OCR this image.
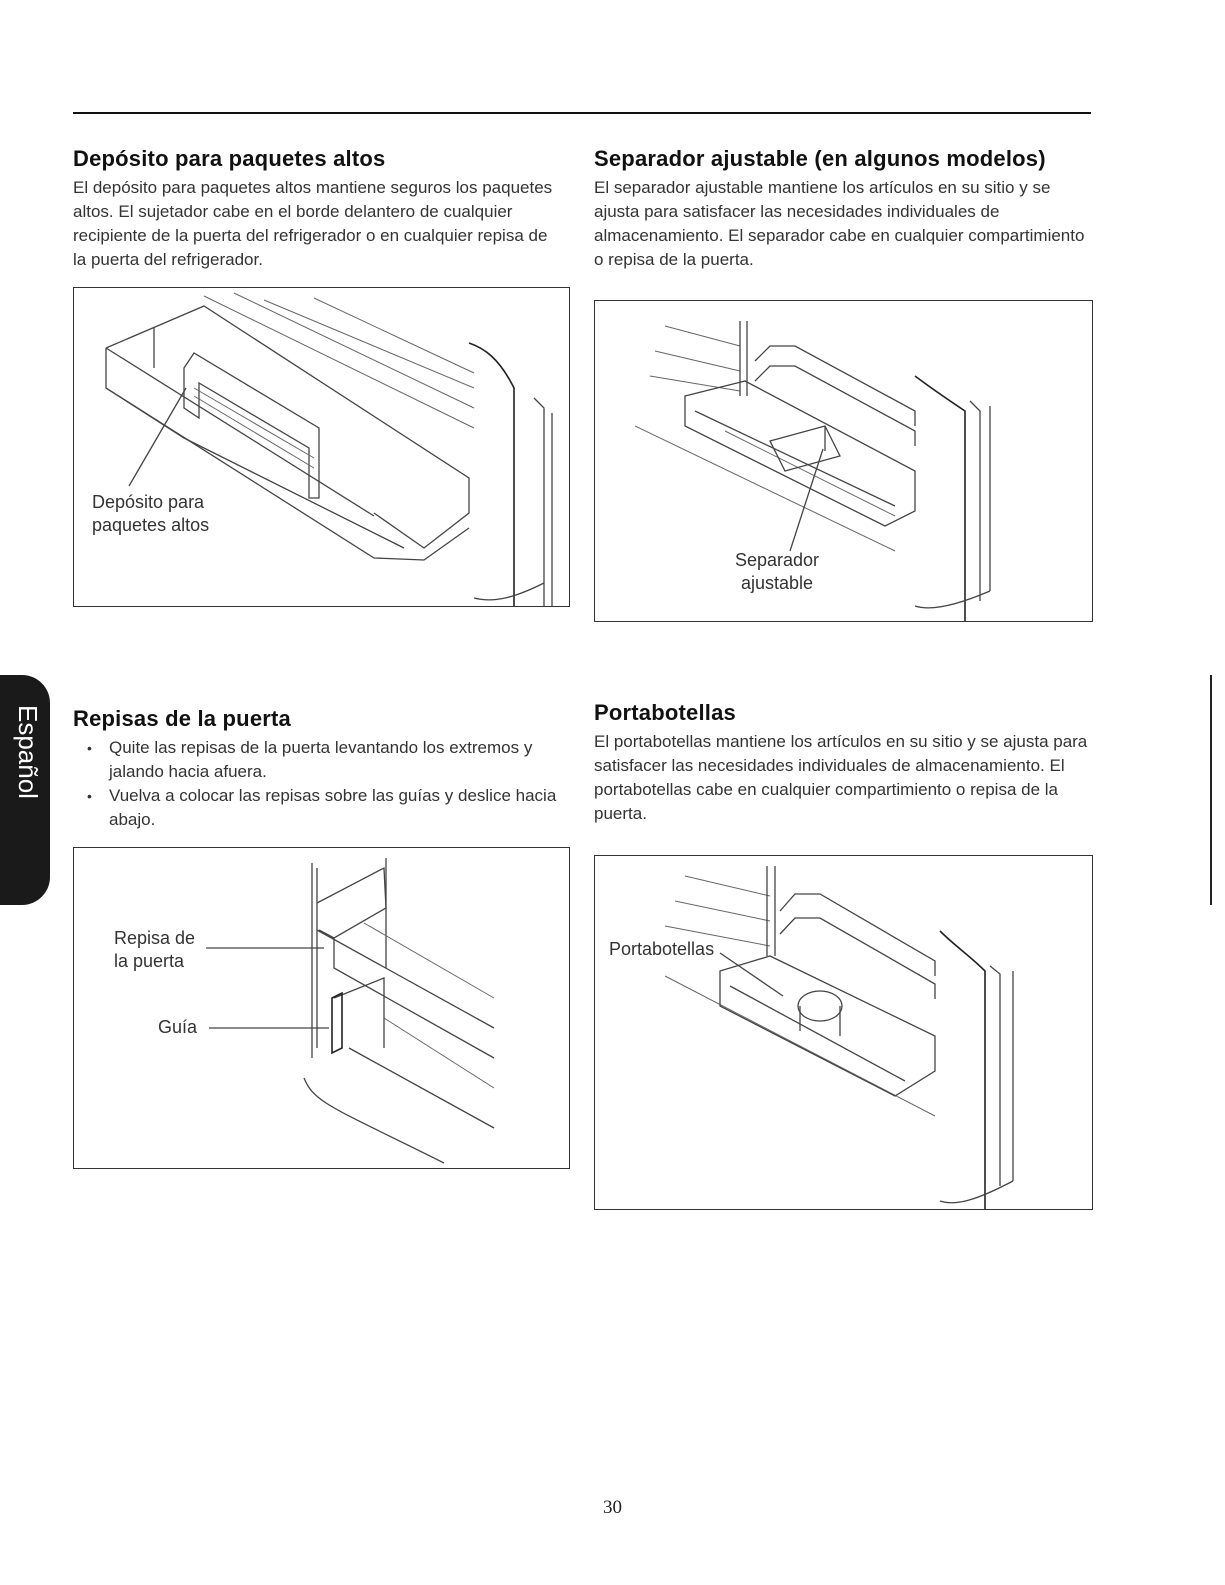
Depósito para paquetes altos

El depósito para paquetes altos mantiene seguros los paquetes altos. El sujetador cabe en el borde delantero de cualquier recipiente de la puerta del refrigerador o en cualquier repisa de la puerta del refrigerador.

Depósito para
paquetes altos
Separador ajustable (en algunos modelos)

El separador ajustable mantiene los artículos en su sitio y se ajusta para satisfacer las necesidades individuales de almacenamiento. El separador cabe en cualquier compartimiento o repisa de la puerta.

Separador
ajustable
Español Repisas de la puerta
• Quite las repisas de la puerta levantando los extremos y jalando hacia afuera.
• Vuelva a colocar las repisas sobre las guías y deslice hacia abajo.
Repisa de
la puerta
Guía
Portabotellas

El portabotellas mantiene los artículos en su sitio y se ajusta para satisfacer las necesidades individuales de almacenamiento. El portabotellas cabe en cualquier compartimiento o repisa de la puerta.

Portabotellas
30
